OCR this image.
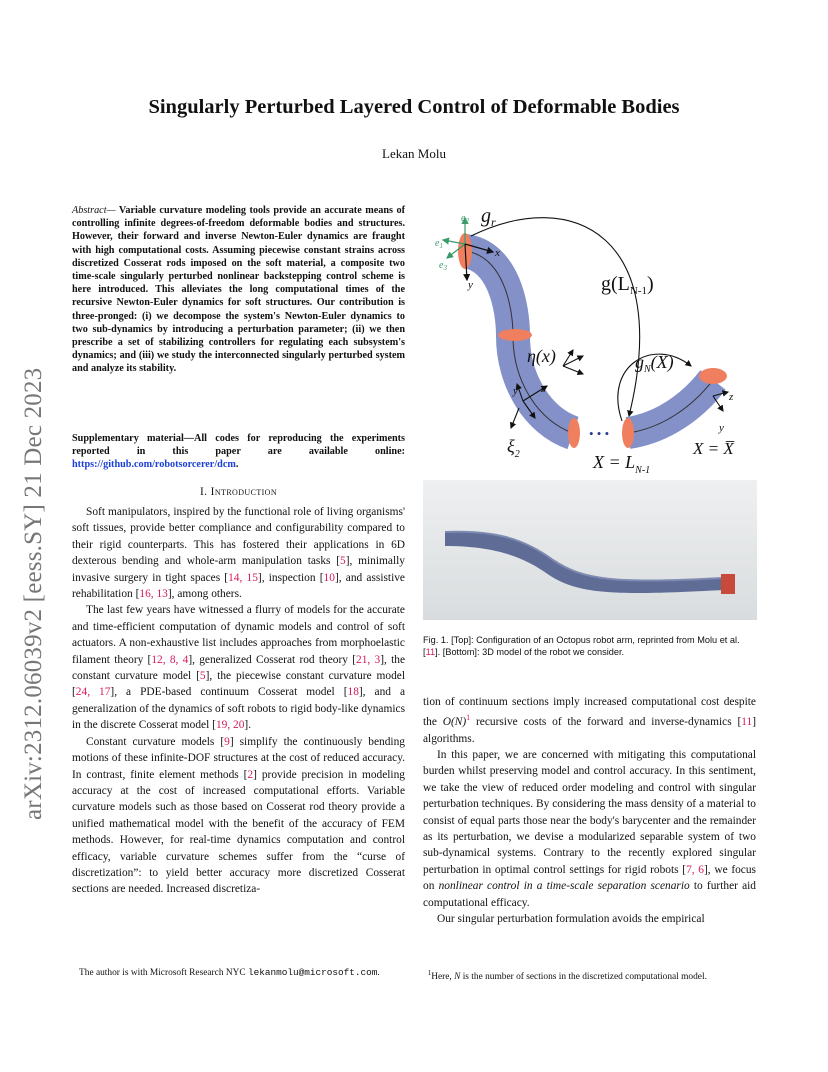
Singularly Perturbed Layered Control of Deformable Bodies
Lekan Molu
arXiv:2312.06039v2 [eess.SY] 21 Dec 2023
Abstract— Variable curvature modeling tools provide an accurate means of controlling infinite degrees-of-freedom deformable bodies and structures. However, their forward and inverse Newton-Euler dynamics are fraught with high computational costs. Assuming piecewise constant strains across discretized Cosserat rods imposed on the soft material, a composite two time-scale singularly perturbed nonlinear backstepping control scheme is here introduced. This alleviates the long computational times of the recursive Newton-Euler dynamics for soft structures. Our contribution is three-pronged: (i) we decompose the system's Newton-Euler dynamics to two sub-dynamics by introducing a perturbation parameter; (ii) we then prescribe a set of stabilizing controllers for regulating each subsystem's dynamics; and (iii) we study the interconnected singularly perturbed system and analyze its stability.
Supplementary material—All codes for reproducing the experiments reported in this paper are available online: https://github.com/robotsorcerer/dcm.
I. Introduction

Soft manipulators, inspired by the functional role of living organisms' soft tissues, provide better compliance and configurability compared to their rigid counterparts. This has fostered their applications in 6D dexterous bending and whole-arm manipulation tasks [5], minimally invasive surgery in tight spaces [14, 15], inspection [10], and assistive rehabilitation [16, 13], among others.

The last few years have witnessed a flurry of models for the accurate and time-efficient computation of dynamic models and control of soft actuators. A non-exhaustive list includes approaches from morphoelastic filament theory [12, 8, 4], generalized Cosserat rod theory [21, 3], the constant curvature model [5], the piecewise constant curvature model [24, 17], a PDE-based continuum Cosserat model [18], and a generalization of the dynamics of soft robots to rigid body-like dynamics in the discrete Cosserat model [19, 20].

Constant curvature models [9] simplify the continuously bending motions of these infinite-DOF structures at the cost of reduced accuracy. In contrast, finite element methods [2] provide precision in modeling accuracy at the cost of increased computational efforts. Variable curvature models such as those based on Cosserat rod theory provide a unified mathematical model with the benefit of the accuracy of FEM methods. However, for real-time dynamics computation and control efficacy, variable curvature schemes suffer from the “curse of discretization”: to yield better accuracy more discretized Cosserat sections are needed. Increased discretiza-

$g_r$
$e_2$
$e_1$
$e_3$
x
y	$g(L_{N-1})$
η(x)	$g_N(X)$
y z
$\xi_2$
• • •
$X = L_{N-1}$
X = X̅
y
z
Fig. 1. [Top]: Configuration of an Octopus robot arm, reprinted from Molu et al. [11]. [Bottom]: 3D model of the robot we consider.

tion of continuum sections imply increased computational cost despite the $O(N)^1$ recursive costs of the forward and inverse-dynamics [11] algorithms.

In this paper, we are concerned with mitigating this computational burden whilst preserving model and control accuracy. In this sentiment, we take the view of reduced order modeling and control with singular perturbation techniques. By considering the mass density of a material to consist of equal parts those near the body's barycenter and the remainder as its perturbation, we devise a modularized separable system of two sub-dynamical systems. Contrary to the recently explored singular perturbation in optimal control settings for rigid robots [7, 6], we focus on nonlinear control in a time-scale separation scenario to further aid computational efficacy.

Our singular perturbation formulation avoids the empirical

The author is with Microsoft Research NYC lekanmolu@microsoft.com.	$^1$Here, N is the number of sections in the discretized computational model.
